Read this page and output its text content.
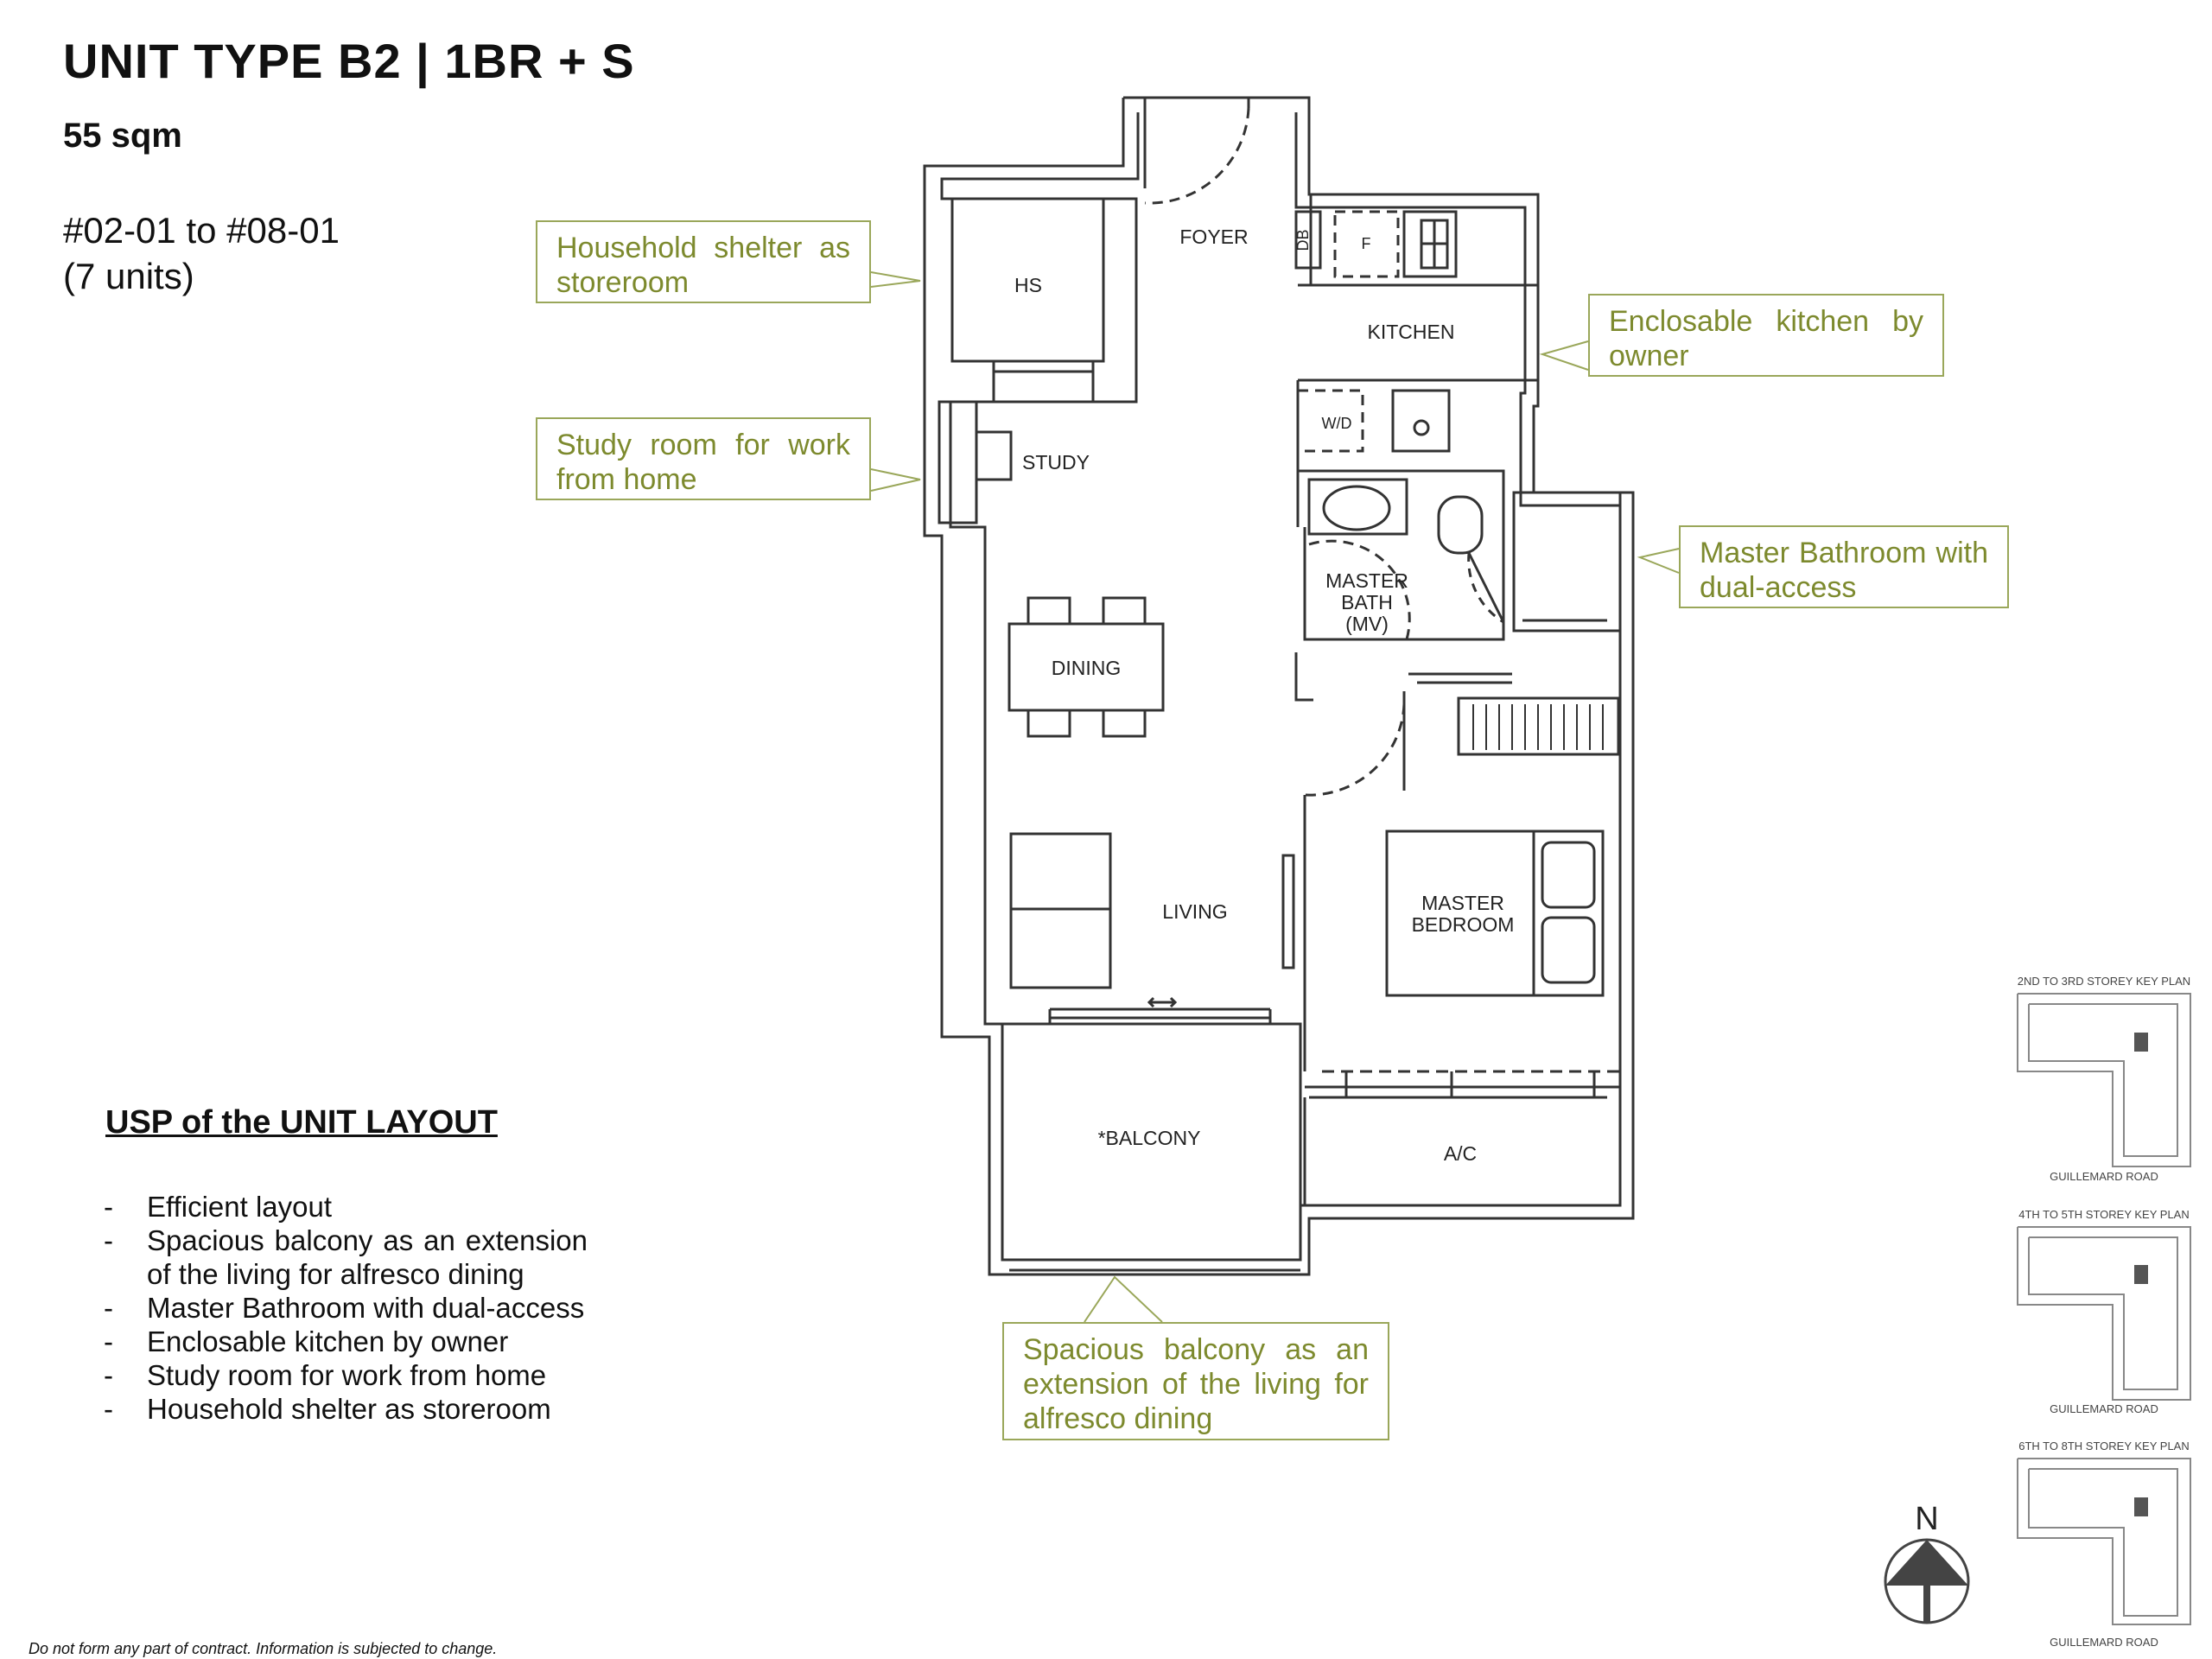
UNIT TYPE B2 | 1BR + S
55 sqm
#02-01 to #08-01
(7 units)
FOYER
HS
DB	F
KITCHEN
W/D
STUDY
MASTER
BATH
(MV)
DINING
LIVING	MASTER
BEDROOM
*BALCONY
A/C
2ND TO 3RD STOREY KEY PLAN
GUILLEMARD ROAD
4TH TO 5TH STOREY KEY PLAN
GUILLEMARD ROAD
6TH TO 8TH STOREY KEY PLAN
GUILLEMARD ROAD
N
Household shelter as storeroom
Study room for work from home
Enclosable kitchen by owner
Master Bathroom with dual-access
Spacious balcony as an extension of the living for alfresco dining
USP of the UNIT LAYOUT
- Efficient layout
- Spacious balcony as an extension of the living for alfresco dining
- Master Bathroom with dual-access
- Enclosable kitchen by owner
- Study room for work from home
- Household shelter as storeroom
Do not form any part of contract. Information is subjected to change.
